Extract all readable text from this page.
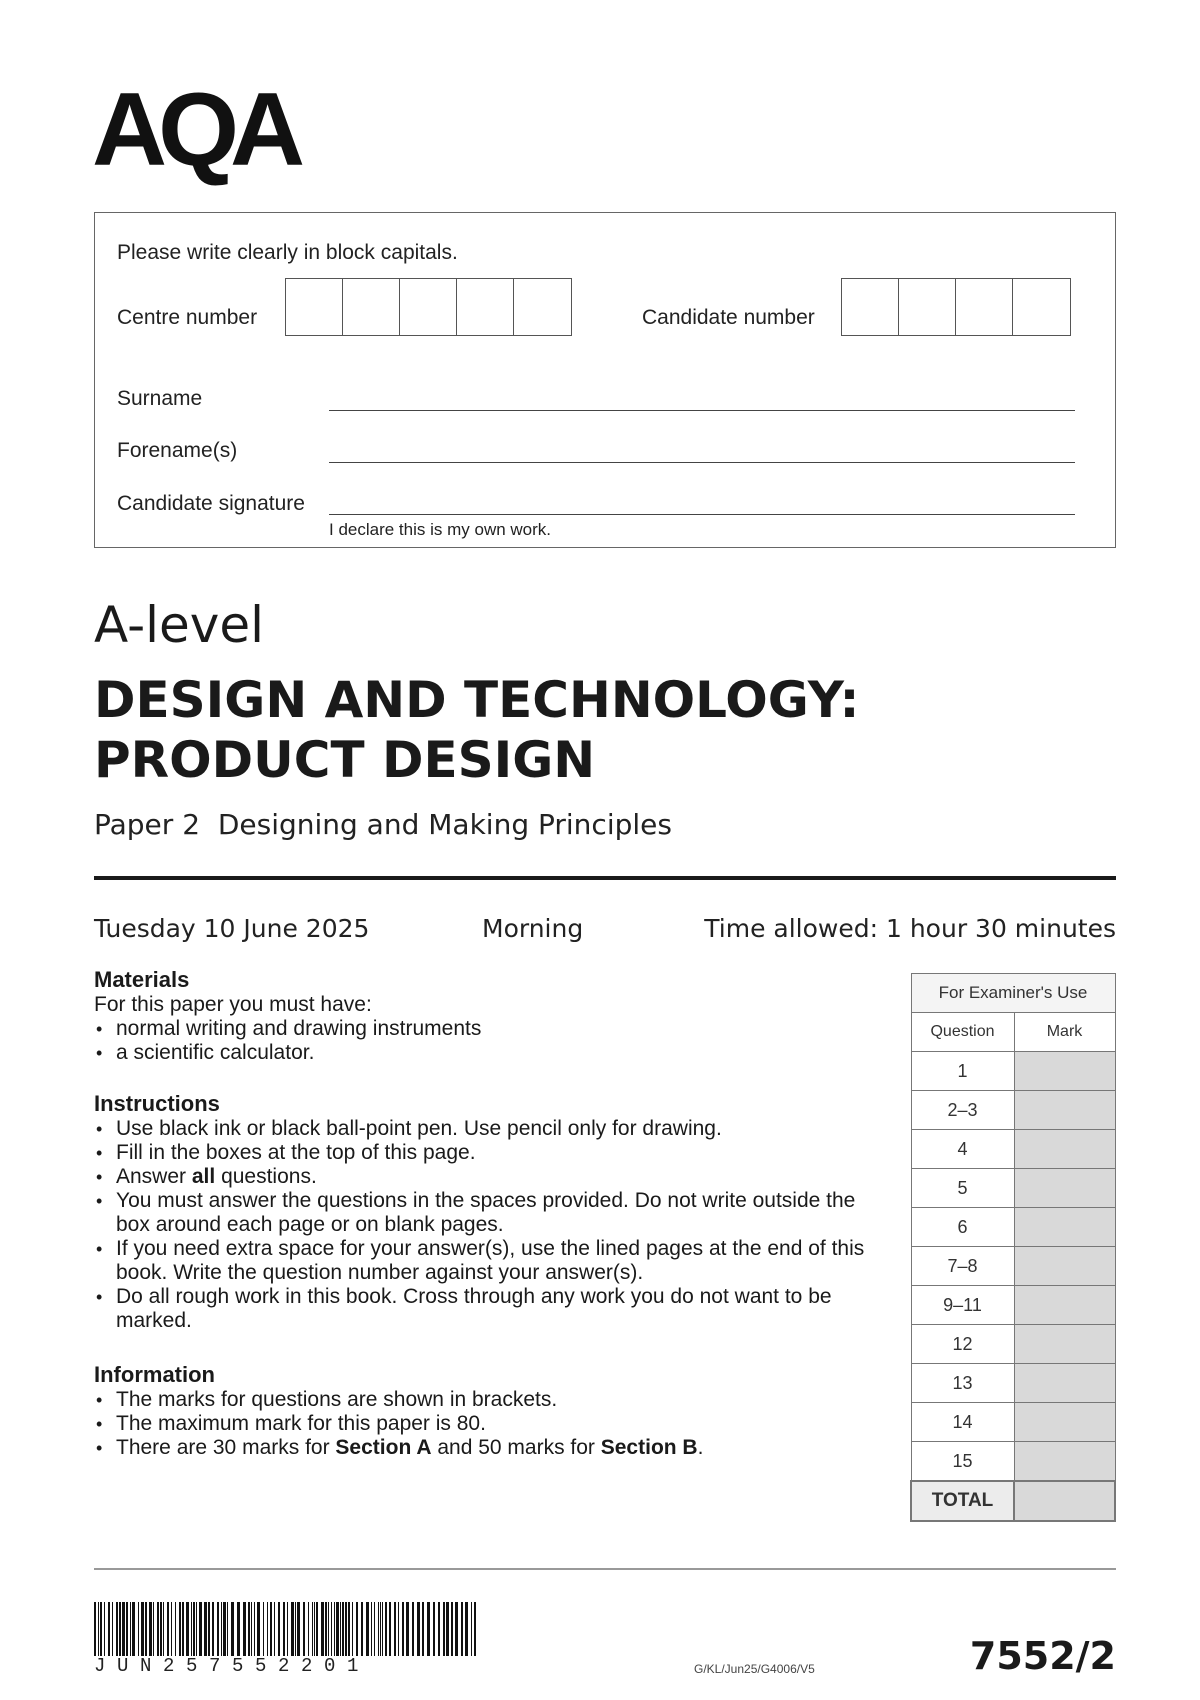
AQA
Please write clearly in block capitals.
Centre number	Candidate number
Surname
Forename(s)
Candidate signature
I declare this is my own work.
A-level
DESIGN AND TECHNOLOGY:
PRODUCT DESIGN
Paper 2  Designing and Making Principles
Tuesday 10 June 2025	Morning	Time allowed: 1 hour 30 minutes
Materials

For this paper you must have:

• normal writing and drawing instruments
• a scientific calculator.
Instructions
• Use black ink or black ball-point pen. Use pencil only for drawing.
• Fill in the boxes at the top of this page.
• Answer all questions.
• You must answer the questions in the spaces provided. Do not write outside the box around each page or on blank pages.
• If you need extra space for your answer(s), use the lined pages at the end of this book. Write the question number against your answer(s).
• Do all rough work in this book. Cross through any work you do not want to be marked.
Information
• The marks for questions are shown in brackets.
• The maximum mark for this paper is 80.
• There are 30 marks for Section A and 50 marks for Section B.
For Examiner's Use	
Question	Mark
1	
2–3	
4	
5	
6	
7–8	
9–11	
12	
13	
14	
15	
TOTAL	
JUN257552201	G/KL/Jun25/G4006/V5	7552/2
